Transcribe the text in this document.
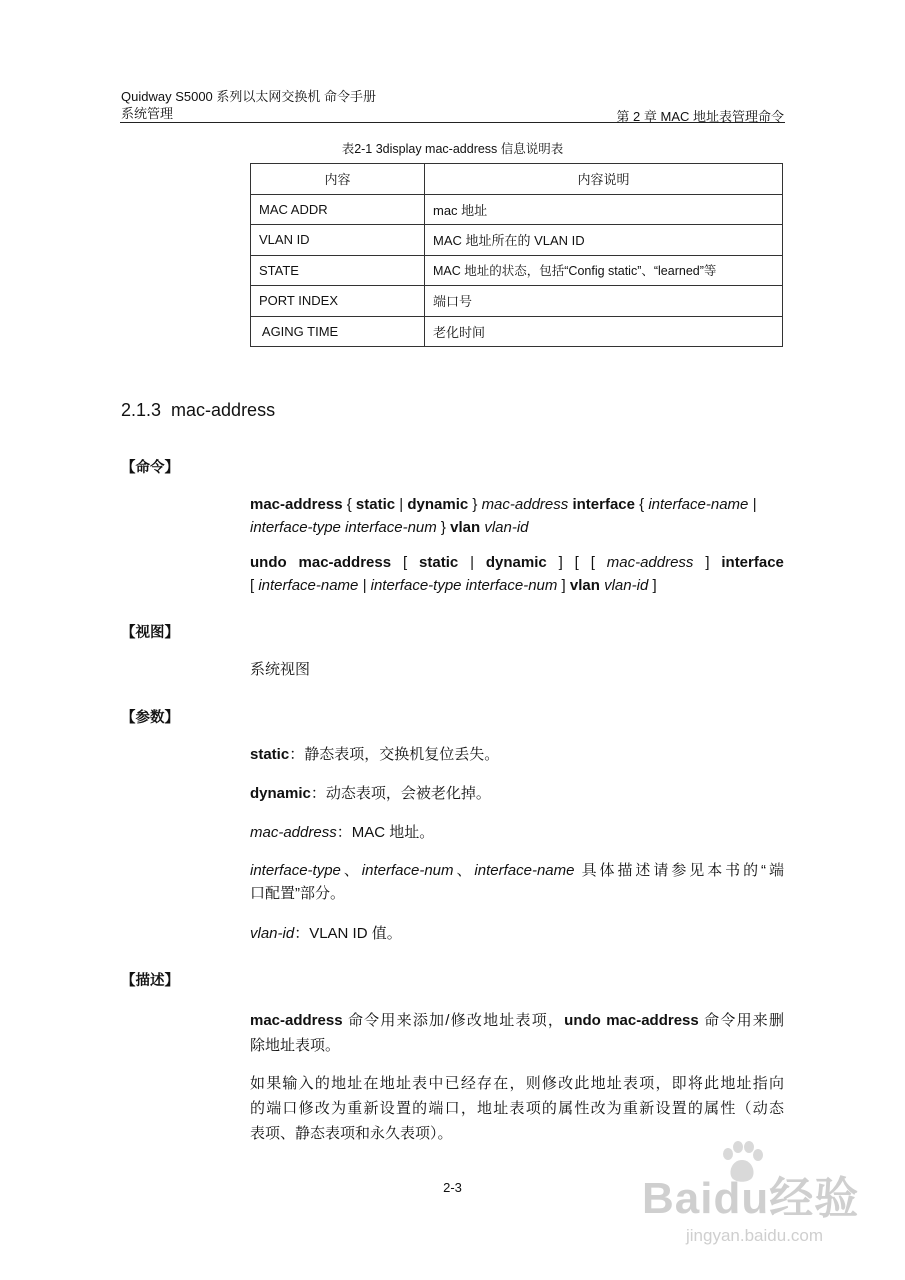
Quidway S5000 系列以太网交换机 命令手册
系统管理	第 2 章 MAC 地址表管理命令
表2-1 3display mac-address 信息说明表
内容	内容说明
MAC ADDR	mac 地址
VLAN ID	MAC 地址所在的 VLAN ID
STATE	MAC 地址的状态，包括“Config static”、“learned”等
PORT INDEX	端口号
AGING TIME	老化时间
2.1.3  mac-address
【命令】
mac-address { static | dynamic } mac-address interface { interface-name |
interface-type interface-num } vlan vlan-id
undo mac-address [ static | dynamic ] [ [ mac-address ] interface
[ interface-name | interface-type interface-num ] vlan vlan-id ]
【视图】
系统视图
【参数】
static：静态表项，交换机复位丢失。
dynamic：动态表项，会被老化掉。
mac-address：MAC 地址。
interface-type、interface-num、interface-name 具体描述请参见本书的“端
口配置”部分。
vlan-id：VLAN ID 值。
【描述】
mac-address 命令用来添加/修改地址表项，undo mac-address 命令用来删
除地址表项。
如果输入的地址在地址表中已经存在，则修改此地址表项，即将此地址指向
的端口修改为重新设置的端口，地址表项的属性改为重新设置的属性（动态
表项、静态表项和永久表项）。
2-3	Baidu经验
jingyan.baidu.com
